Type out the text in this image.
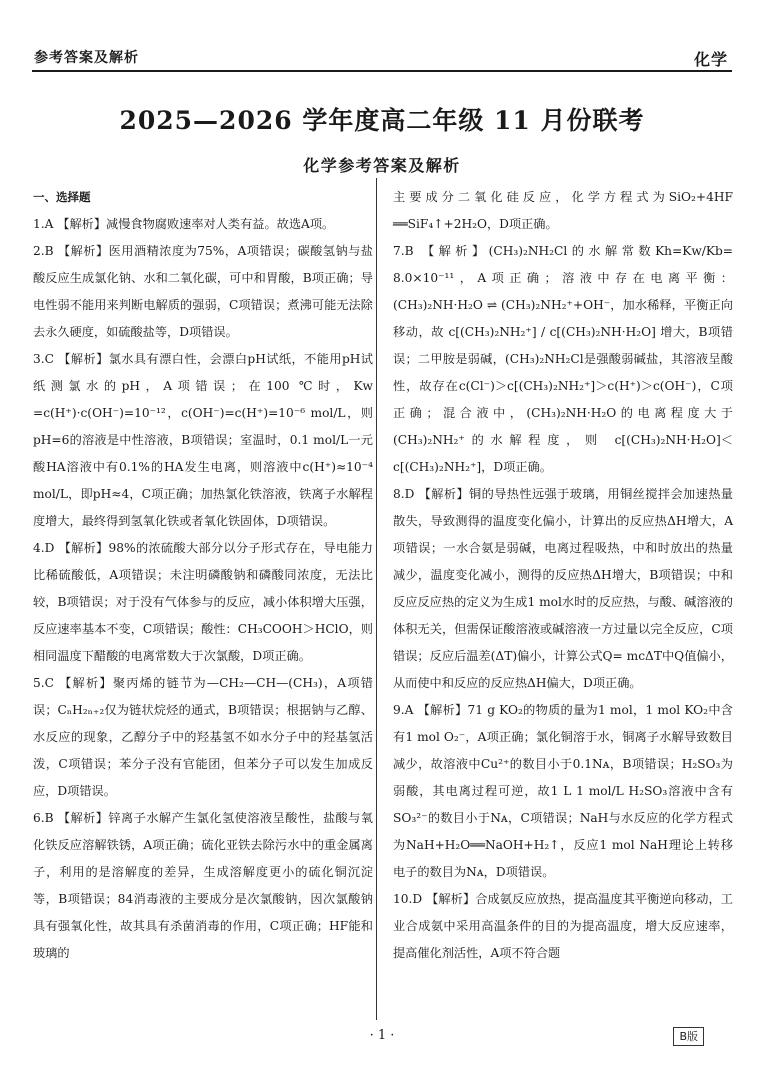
参考答案及解析	化学
2025—2026 学年度高二年级 11 月份联考
化学参考答案及解析
一、选择题
1.A 【解析】减慢食物腐败速率对人类有益。故选A项。
2.B 【解析】医用酒精浓度为75%，A项错误；碳酸氢钠与盐酸反应生成氯化钠、水和二氧化碳，可中和胃酸，B项正确；导电性弱不能用来判断电解质的强弱，C项错误；煮沸可能无法除去永久硬度，如硫酸盐等，D项错误。
3.C 【解析】氯水具有漂白性，会漂白pH试纸，不能用pH试纸测氯水的pH，A项错误；在100 ℃时，Kw =c(H⁺)·c(OH⁻)=10⁻¹²，c(OH⁻)=c(H⁺)=10⁻⁶ mol/L，则pH=6的溶液是中性溶液，B项错误；室温时，0.1 mol/L一元酸HA溶液中有0.1%的HA发生电离，则溶液中c(H⁺)≈10⁻⁴ mol/L，即pH≈4，C项正确；加热氯化铁溶液，铁离子水解程度增大，最终得到氢氧化铁或者氧化铁固体，D项错误。
4.D 【解析】98%的浓硫酸大部分以分子形式存在，导电能力比稀硫酸低，A项错误；未注明磷酸钠和磷酸同浓度，无法比较，B项错误；对于没有气体参与的反应，减小体积增大压强，反应速率基本不变，C项错误；酸性：CH₃COOH＞HClO，则相同温度下醋酸的电离常数大于次氯酸，D项正确。
5.C 【解析】聚丙烯的链节为—CH₂—CH—(CH₃)，A项错误；CₙH₂ₙ₊₂仅为链状烷烃的通式，B项错误；根据钠与乙醇、水反应的现象，乙醇分子中的羟基氢不如水分子中的羟基氢活泼，C项错误；苯分子没有官能团，但苯分子可以发生加成反应，D项错误。
6.B 【解析】锌离子水解产生氯化氢使溶液呈酸性，盐酸与氧化铁反应溶解铁锈，A项正确；硫化亚铁去除污水中的重金属离子，利用的是溶解度的差异，生成溶解度更小的硫化铜沉淀等，B项错误；84消毒液的主要成分是次氯酸钠，因次氯酸钠具有强氧化性，故其具有杀菌消毒的作用，C项正确；HF能和玻璃的
主要成分二氧化硅反应，化学方程式为SiO₂+4HF ══SiF₄↑+2H₂O，D项正确。
7.B 【解析】(CH₃)₂NH₂Cl的水解常数Kh=Kw/Kb= 8.0×10⁻¹¹，A项正确；溶液中存在电离平衡：(CH₃)₂NH·H₂O ⇌ (CH₃)₂NH₂⁺+OH⁻，加水稀释，平衡正向移动，故 c[(CH₃)₂NH₂⁺] / c[(CH₃)₂NH·H₂O] 增大，B项错误；二甲胺是弱碱，(CH₃)₂NH₂Cl是强酸弱碱盐，其溶液呈酸性，故存在c(Cl⁻)＞c[(CH₃)₂NH₂⁺]＞c(H⁺)＞c(OH⁻)，C项正确；混合液中，(CH₃)₂NH·H₂O的电离程度大于(CH₃)₂NH₂⁺的水解程度，则 c[(CH₃)₂NH·H₂O]＜c[(CH₃)₂NH₂⁺]，D项正确。
8.D 【解析】铜的导热性远强于玻璃，用铜丝搅拌会加速热量散失，导致测得的温度变化偏小，计算出的反应热ΔH增大，A项错误；一水合氨是弱碱，电离过程吸热，中和时放出的热量减少，温度变化减小，测得的反应热ΔH增大，B项错误；中和反应反应热的定义为生成1 mol水时的反应热，与酸、碱溶液的体积无关，但需保证酸溶液或碱溶液一方过量以完全反应，C项错误；反应后温差(ΔT)偏小，计算公式Q= mcΔT中Q值偏小，从而使中和反应的反应热ΔH偏大，D项正确。
9.A 【解析】71 g KO₂的物质的量为1 mol，1 mol KO₂中含有1 mol O₂⁻，A项正确；氯化铜溶于水，铜离子水解导致数目减少，故溶液中Cu²⁺的数目小于0.1Nᴀ，B项错误；H₂SO₃为弱酸，其电离过程可逆，故1 L 1 mol/L H₂SO₃溶液中含有SO₃²⁻的数目小于Nᴀ，C项错误；NaH与水反应的化学方程式为NaH+H₂O══NaOH+H₂↑，反应1 mol NaH理论上转移电子的数目为Nᴀ，D项错误。
10.D 【解析】合成氨反应放热，提高温度其平衡逆向移动，工业合成氨中采用高温条件的目的为提高温度，增大反应速率，提高催化剂活性，A项不符合题
· 1 ·	B版
